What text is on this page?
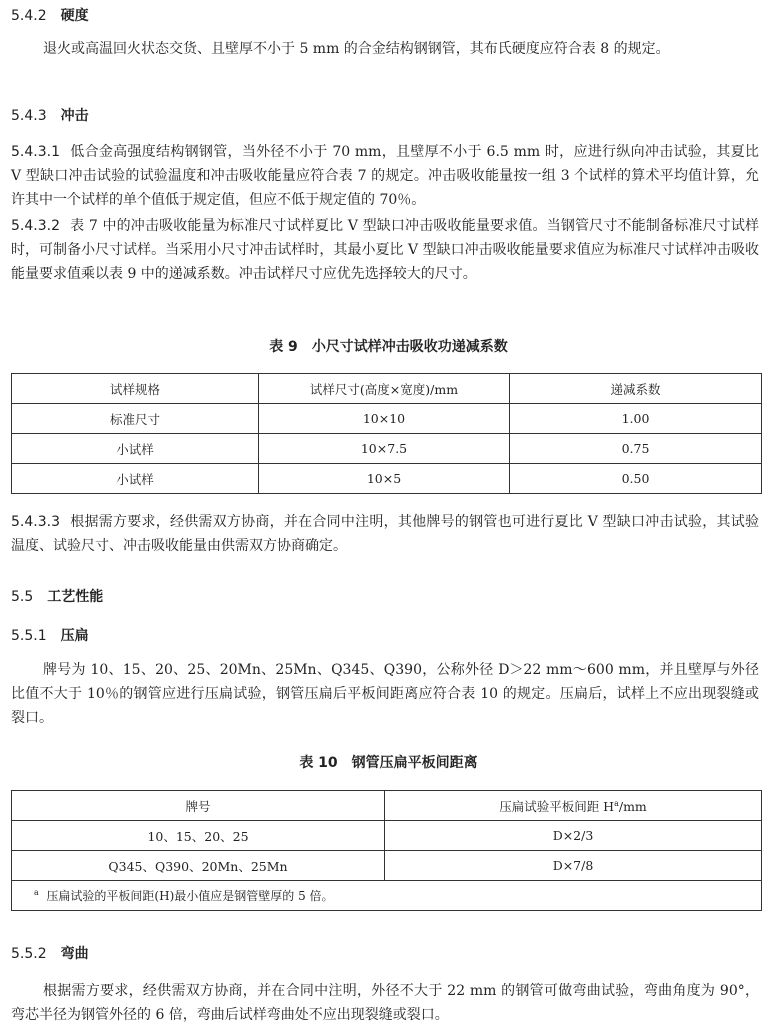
5.4.2 硬度
退火或高温回火状态交货、且壁厚不小于 5 mm 的合金结构钢钢管，其布氏硬度应符合表 8 的规定。
5.4.3 冲击
5.4.3.1 低合金高强度结构钢钢管，当外径不小于 70 mm，且壁厚不小于 6.5 mm 时，应进行纵向冲击试验，其夏比 V 型缺口冲击试验的试验温度和冲击吸收能量应符合表 7 的规定。冲击吸收能量按一组 3 个试样的算术平均值计算，允许其中一个试样的单个值低于规定值，但应不低于规定值的 70％。
5.4.3.2 表 7 中的冲击吸收能量为标准尺寸试样夏比 V 型缺口冲击吸收能量要求值。当钢管尺寸不能制备标准尺寸试样时，可制备小尺寸试样。当采用小尺寸冲击试样时，其最小夏比 V 型缺口冲击吸收能量要求值应为标准尺寸试样冲击吸收能量要求值乘以表 9 中的递减系数。冲击试样尺寸应优先选择较大的尺寸。
表 9 小尺寸试样冲击吸收功递减系数
试样规格	试样尺寸(高度×宽度)/mm	递减系数
标准尺寸	10×10	1.00
小试样	10×7.5	0.75
小试样	10×5	0.50
5.4.3.3 根据需方要求，经供需双方协商，并在合同中注明，其他牌号的钢管也可进行夏比 V 型缺口冲击试验，其试验温度、试验尺寸、冲击吸收能量由供需双方协商确定。
5.5 工艺性能
5.5.1 压扁
牌号为 10、15、20、25、20Mn、25Mn、Q345、Q390，公称外径 D＞22 mm～600 mm，并且壁厚与外径比值不大于 10％的钢管应进行压扁试验，钢管压扁后平板间距离应符合表 10 的规定。压扁后，试样上不应出现裂缝或裂口。
表 10 钢管压扁平板间距离
牌号	压扁试验平板间距 $H^a/mm$
10、15、20、25	D×2/3
Q345、Q390、20Mn、25Mn	D×7/8
$^a$ 压扁试验的平板间距(H)最小值应是钢管壁厚的 5 倍。	
5.5.2 弯曲
根据需方要求，经供需双方协商，并在合同中注明，外径不大于 22 mm 的钢管可做弯曲试验，弯曲角度为 90°，弯芯半径为钢管外径的 6 倍，弯曲后试样弯曲处不应出现裂缝或裂口。
